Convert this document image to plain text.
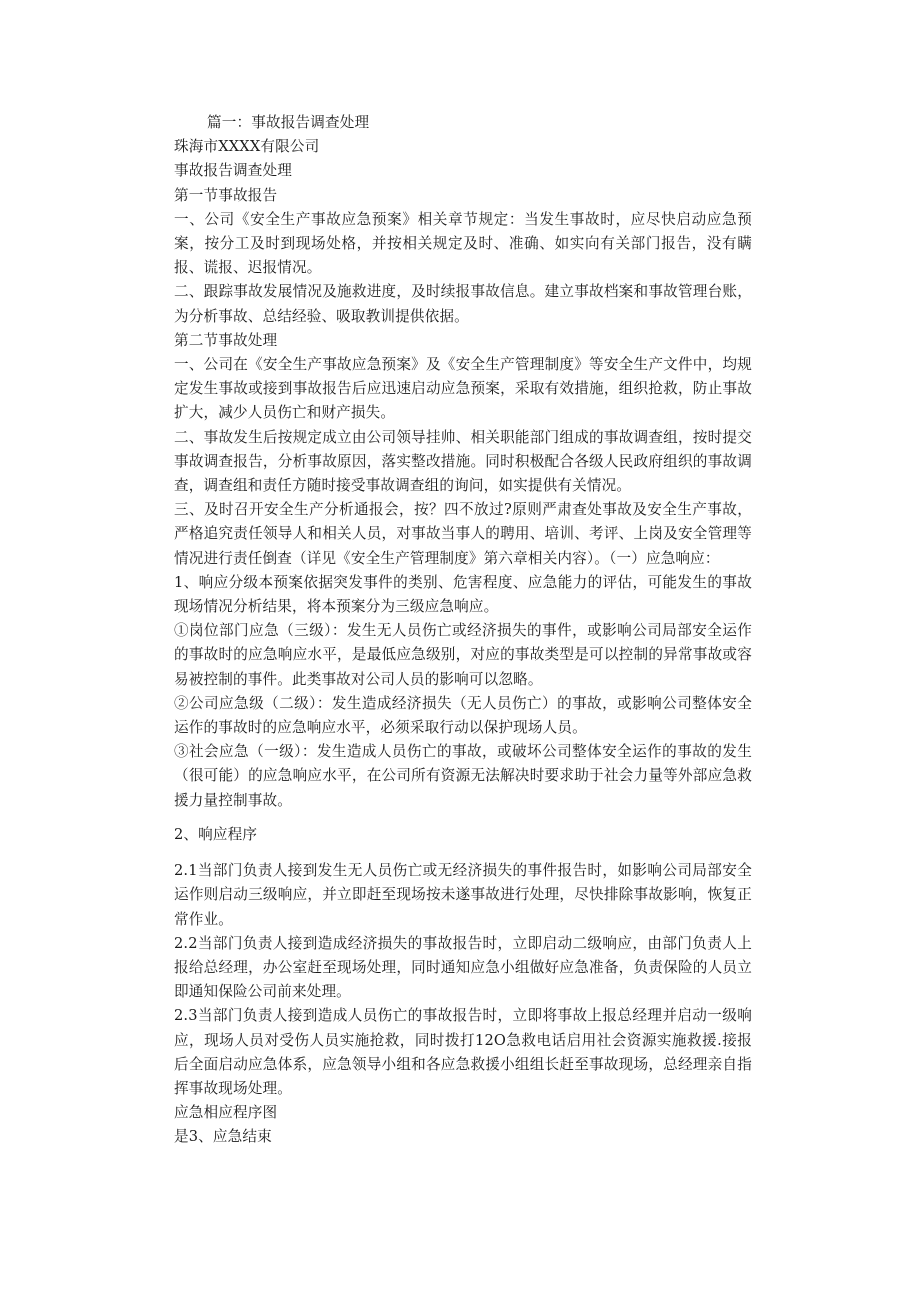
篇一：事故报告调查处理

珠海市XXXX有限公司

事故报告调查处理

第一节事故报告

一、公司《安全生产事故应急预案》相关章节规定：当发生事故时，应尽快启动应急预案，按分工及时到现场处格，并按相关规定及时、准确、如实向有关部门报告，没有瞒报、谎报、迟报情况。

二、跟踪事故发展情况及施救进度，及时续报事故信息。建立事故档案和事故管理台账，为分析事故、总结经验、吸取教训提供依据。

第二节事故处理

一、公司在《安全生产事故应急预案》及《安全生产管理制度》等安全生产文件中，均规定发生事故或接到事故报告后应迅速启动应急预案，采取有效措施，组织抢救，防止事故扩大，减少人员伤亡和财产损失。

二、事故发生后按规定成立由公司领导挂帅、相关职能部门组成的事故调查组，按时提交事故调查报告，分析事故原因，落实整改措施。同时积极配合各级人民政府组织的事故调查，调查组和责任方随时接受事故调查组的询问，如实提供有关情况。

三、及时召开安全生产分析通报会，按？四不放过?原则严肃查处事故及安全生产事故，严格追究责任领导人和相关人员，对事故当事人的聘用、培训、考评、上岗及安全管理等情况进行责任倒查（详见《安全生产管理制度》第六章相关内容）。（一）应急响应：

1、响应分级本预案依据突发事件的类别、危害程度、应急能力的评估，可能发生的事故现场情况分析结果，将本预案分为三级应急响应。

①岗位部门应急（三级）：发生无人员伤亡或经济损失的事件，或影响公司局部安全运作的事故时的应急响应水平，是最低应急级别，对应的事故类型是可以控制的异常事故或容易被控制的事件。此类事故对公司人员的影响可以忽略。

②公司应急级（二级）：发生造成经济损失（无人员伤亡）的事故，或影响公司整体安全运作的事故时的应急响应水平，必须采取行动以保护现场人员。

③社会应急（一级）：发生造成人员伤亡的事故，或破坏公司整体安全运作的事故的发生（很可能）的应急响应水平，在公司所有资源无法解决时要求助于社会力量等外部应急救援力量控制事故。

2、响应程序

2.1当部门负责人接到发生无人员伤亡或无经济损失的事件报告时，如影响公司局部安全运作则启动三级响应，并立即赶至现场按未遂事故进行处理，尽快排除事故影响，恢复正常作业。

2.2当部门负责人接到造成经济损失的事故报告时，立即启动二级响应，由部门负责人上报给总经理，办公室赶至现场处理，同时通知应急小组做好应急准备，负责保险的人员立即通知保险公司前来处理。

2.3当部门负责人接到造成人员伤亡的事故报告时，立即将事故上报总经理并启动一级响应，现场人员对受伤人员实施抢救，同时拨打12O急救电话启用社会资源实施救援.接报后全面启动应急体系，应急领导小组和各应急救援小组组长赶至事故现场，总经理亲自指挥事故现场处理。

应急相应程序图

是3、应急结束
